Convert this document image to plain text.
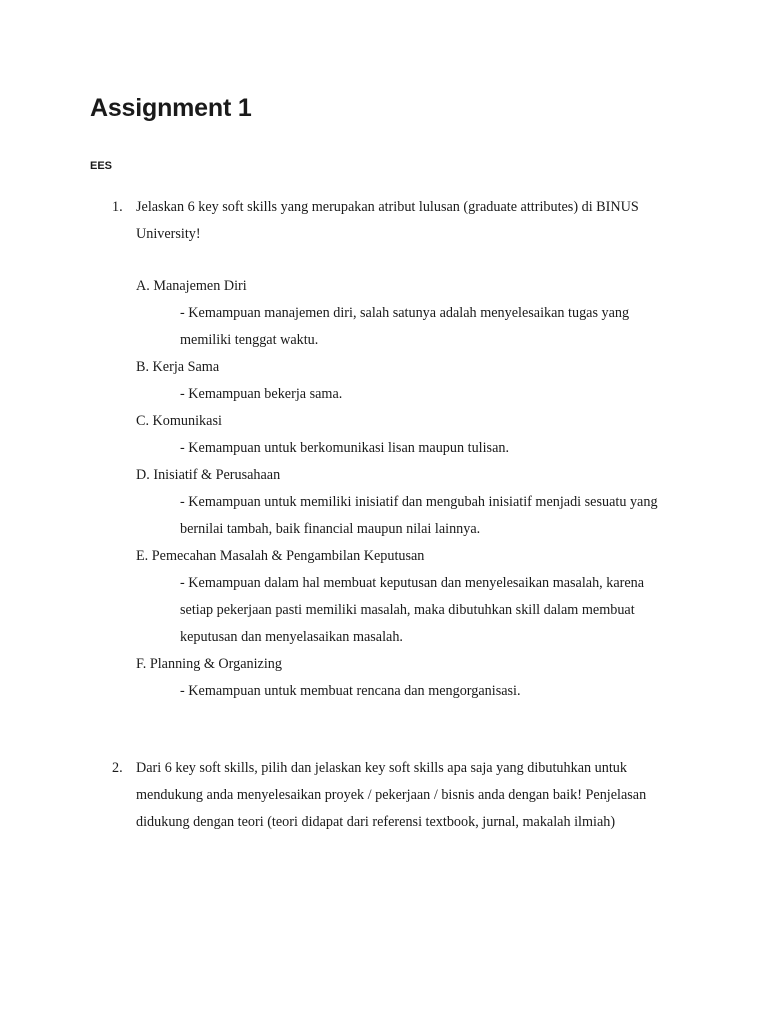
Assignment 1

EES

1. Jelaskan 6 key soft skills yang merupakan atribut lulusan (graduate attributes) di BINUS University!
A. Manajemen Diri
- Kemampuan manajemen diri, salah satunya adalah menyelesaikan tugas yang memiliki tenggat waktu.
B. Kerja Sama
- Kemampuan bekerja sama.
C. Komunikasi
- Kemampuan untuk berkomunikasi lisan maupun tulisan.
D. Inisiatif & Perusahaan
- Kemampuan untuk memiliki inisiatif dan mengubah inisiatif menjadi sesuatu yang bernilai tambah, baik financial maupun nilai lainnya.
E. Pemecahan Masalah & Pengambilan Keputusan
- Kemampuan dalam hal membuat keputusan dan menyelesaikan masalah, karena setiap pekerjaan pasti memiliki masalah, maka dibutuhkan skill dalam membuat keputusan dan menyelasaikan masalah.
F. Planning & Organizing
- Kemampuan untuk membuat rencana dan mengorganisasi.
2. Dari 6 key soft skills, pilih dan jelaskan key soft skills apa saja yang dibutuhkan untuk mendukung anda menyelesaikan proyek / pekerjaan / bisnis anda dengan baik! Penjelasan didukung dengan teori (teori didapat dari referensi textbook, jurnal, makalah ilmiah)
